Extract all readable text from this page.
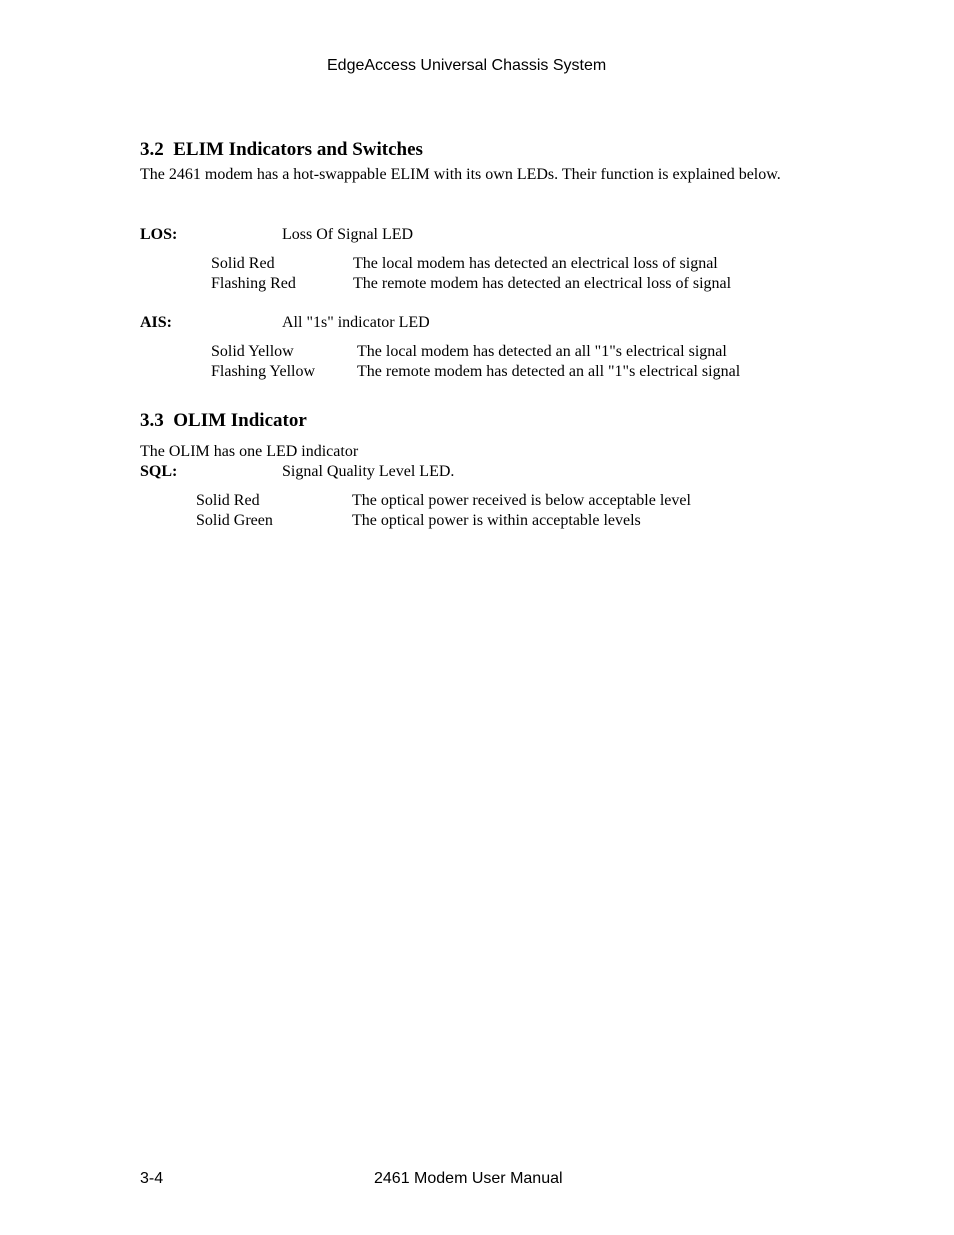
EdgeAccess Universal Chassis System
3.2  ELIM Indicators and Switches
The 2461 modem has a hot-swappable ELIM with its own LEDs. Their function is explained below.
LOS:	Loss Of Signal LED
Solid Red	The local modem has detected an electrical loss of signal
Flashing Red	The remote modem has detected an electrical loss of signal
AIS:	All "1s" indicator LED
Solid Yellow	The local modem has detected an all "1"s electrical signal
Flashing Yellow	The remote modem has detected an all "1"s electrical signal
3.3  OLIM Indicator
The OLIM has one LED indicator
SQL:	Signal Quality Level LED.
Solid Red	The optical power received is below acceptable level
Solid Green	The optical power is within acceptable levels
3-4	2461 Modem User Manual
